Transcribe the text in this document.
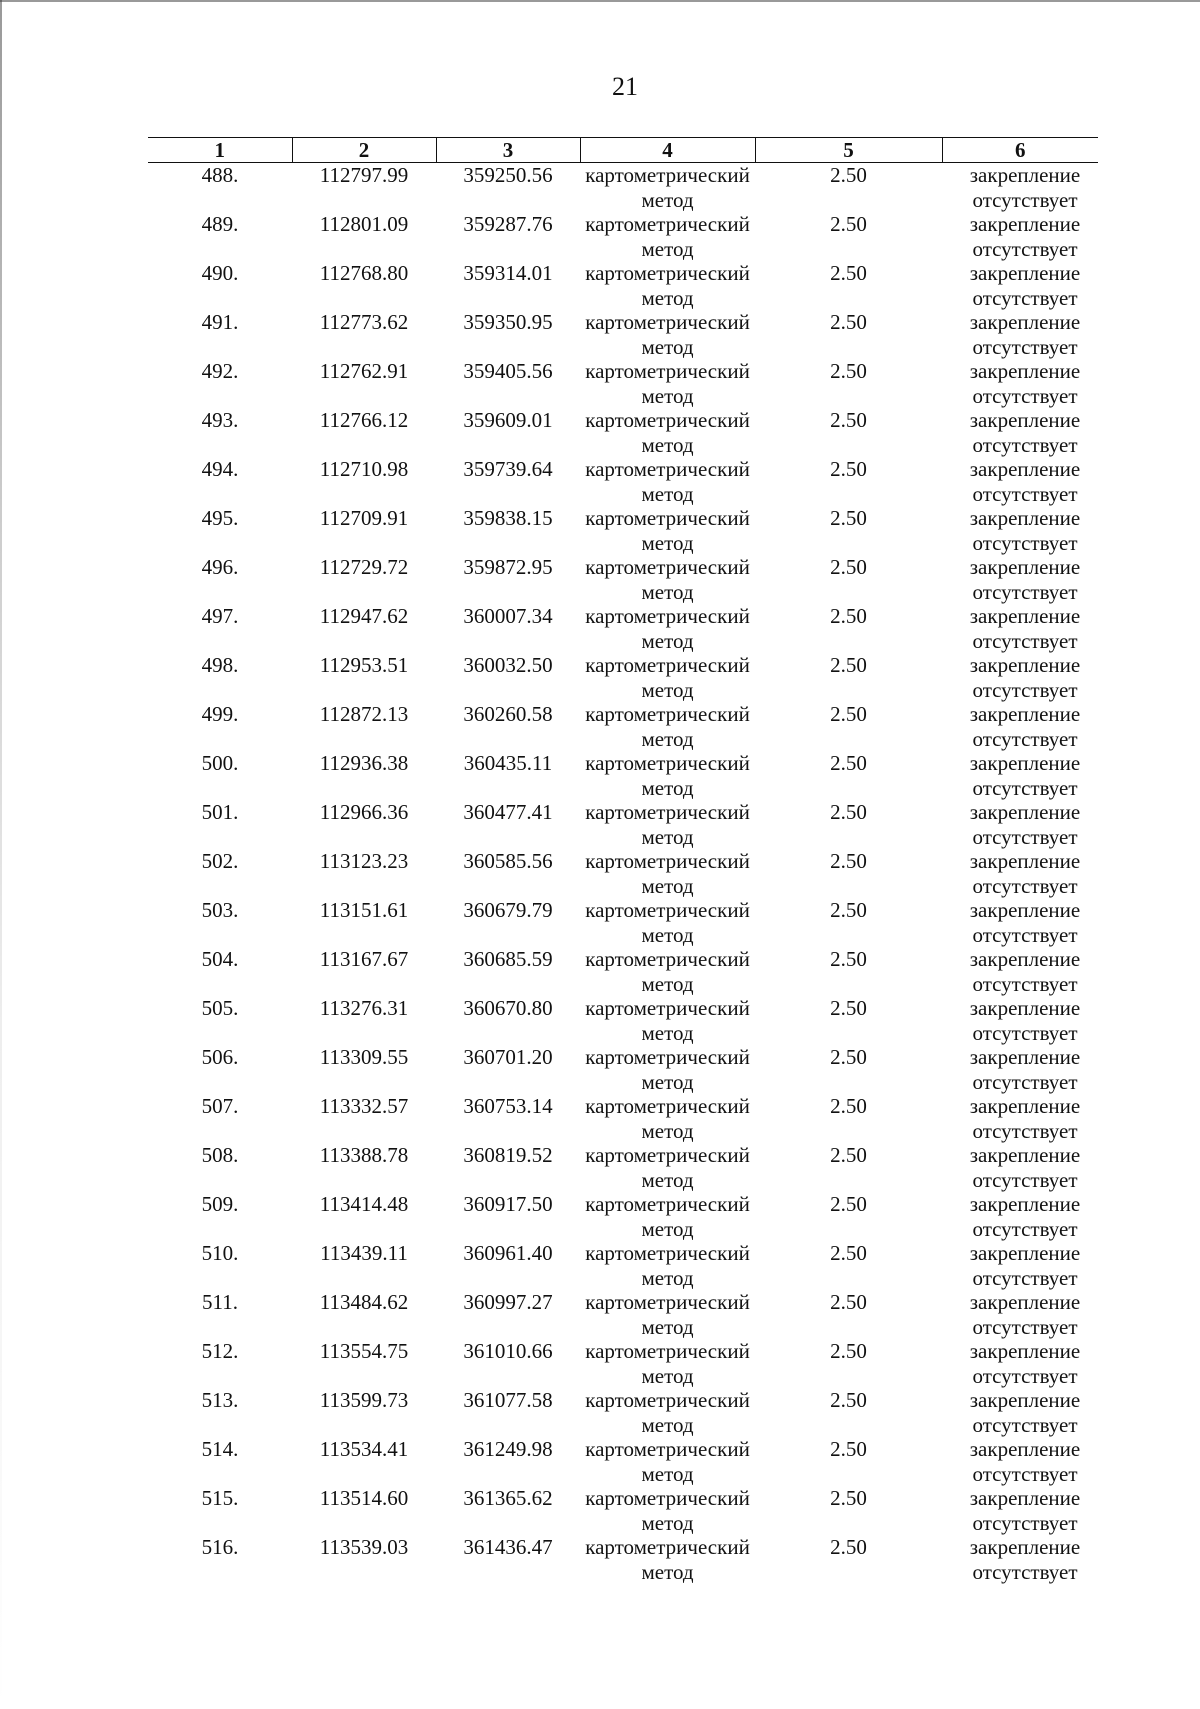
21
1	2	3	4	5	6

488.	112797.99	359250.56	картометрический
метод	2.50	закрепление
отсутствует

489.	112801.09	359287.76	картометрический
метод	2.50	закрепление
отсутствует

490.	112768.80	359314.01	картометрический
метод	2.50	закрепление
отсутствует

491.	112773.62	359350.95	картометрический
метод	2.50	закрепление
отсутствует

492.	112762.91	359405.56	картометрический
метод	2.50	закрепление
отсутствует

493.	112766.12	359609.01	картометрический
метод	2.50	закрепление
отсутствует

494.	112710.98	359739.64	картометрический
метод	2.50	закрепление
отсутствует

495.	112709.91	359838.15	картометрический
метод	2.50	закрепление
отсутствует

496.	112729.72	359872.95	картометрический
метод	2.50	закрепление
отсутствует

497.	112947.62	360007.34	картометрический
метод	2.50	закрепление
отсутствует

498.	112953.51	360032.50	картометрический
метод	2.50	закрепление
отсутствует

499.	112872.13	360260.58	картометрический
метод	2.50	закрепление
отсутствует

500.	112936.38	360435.11	картометрический
метод	2.50	закрепление
отсутствует

501.	112966.36	360477.41	картометрический
метод	2.50	закрепление
отсутствует

502.	113123.23	360585.56	картометрический
метод	2.50	закрепление
отсутствует

503.	113151.61	360679.79	картометрический
метод	2.50	закрепление
отсутствует

504.	113167.67	360685.59	картометрический
метод	2.50	закрепление
отсутствует

505.	113276.31	360670.80	картометрический
метод	2.50	закрепление
отсутствует

506.	113309.55	360701.20	картометрический
метод	2.50	закрепление
отсутствует

507.	113332.57	360753.14	картометрический
метод	2.50	закрепление
отсутствует

508.	113388.78	360819.52	картометрический
метод	2.50	закрепление
отсутствует

509.	113414.48	360917.50	картометрический
метод	2.50	закрепление
отсутствует

510.	113439.11	360961.40	картометрический
метод	2.50	закрепление
отсутствует

511.	113484.62	360997.27	картометрический
метод	2.50	закрепление
отсутствует

512.	113554.75	361010.66	картометрический
метод	2.50	закрепление
отсутствует

513.	113599.73	361077.58	картометрический
метод	2.50	закрепление
отсутствует

514.	113534.41	361249.98	картометрический
метод	2.50	закрепление
отсутствует

515.	113514.60	361365.62	картометрический
метод	2.50	закрепление
отсутствует

516.	113539.03	361436.47	картометрический
метод	2.50	закрепление
отсутствует
